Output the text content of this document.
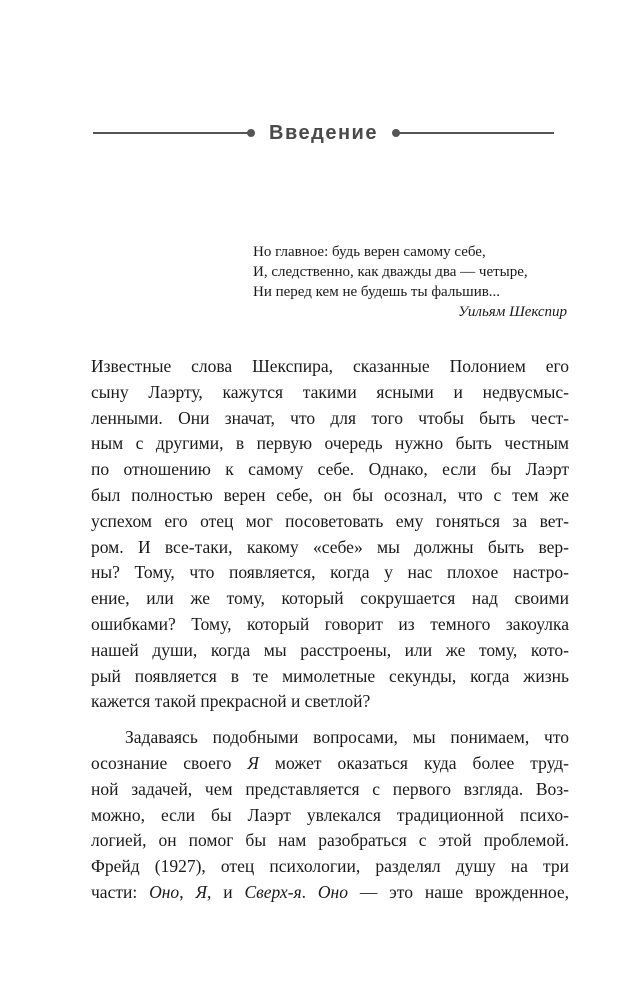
Введение
Но главное: будь верен самому себе,
И, следственно, как дважды два — четыре,
Ни перед кем не будешь ты фальшив...
Уильям Шекспир

Известные слова Шекспира, сказанные Полонием его
сыну Лаэрту, кажутся такими ясными и недвусмыс-
ленными. Они значат, что для того чтобы быть чест-
ным с другими, в первую очередь нужно быть честным
по отношению к самому себе. Однако, если бы Лаэрт
был полностью верен себе, он бы осознал, что с тем же
успехом его отец мог посоветовать ему гоняться за вет-
ром. И все-таки, какому «себе» мы должны быть вер-
ны? Тому, что появляется, когда у нас плохое настро-
ение, или же тому, который сокрушается над своими
ошибками? Тому, который говорит из темного закоулка
нашей души, когда мы расстроены, или же тому, кото-
рый появляется в те мимолетные секунды, когда жизнь
кажется такой прекрасной и светлой?

Задаваясь подобными вопросами, мы понимаем, что
осознание своего Я может оказаться куда более труд-
ной задачей, чем представляется с первого взгляда. Воз-
можно, если бы Лаэрт увлекался традиционной психо-
логией, он помог бы нам разобраться с этой проблемой.
Фрейд (1927), отец психологии, разделял душу на три
части: Оно, Я, и Сверх-я. Оно — это наше врожденное,
